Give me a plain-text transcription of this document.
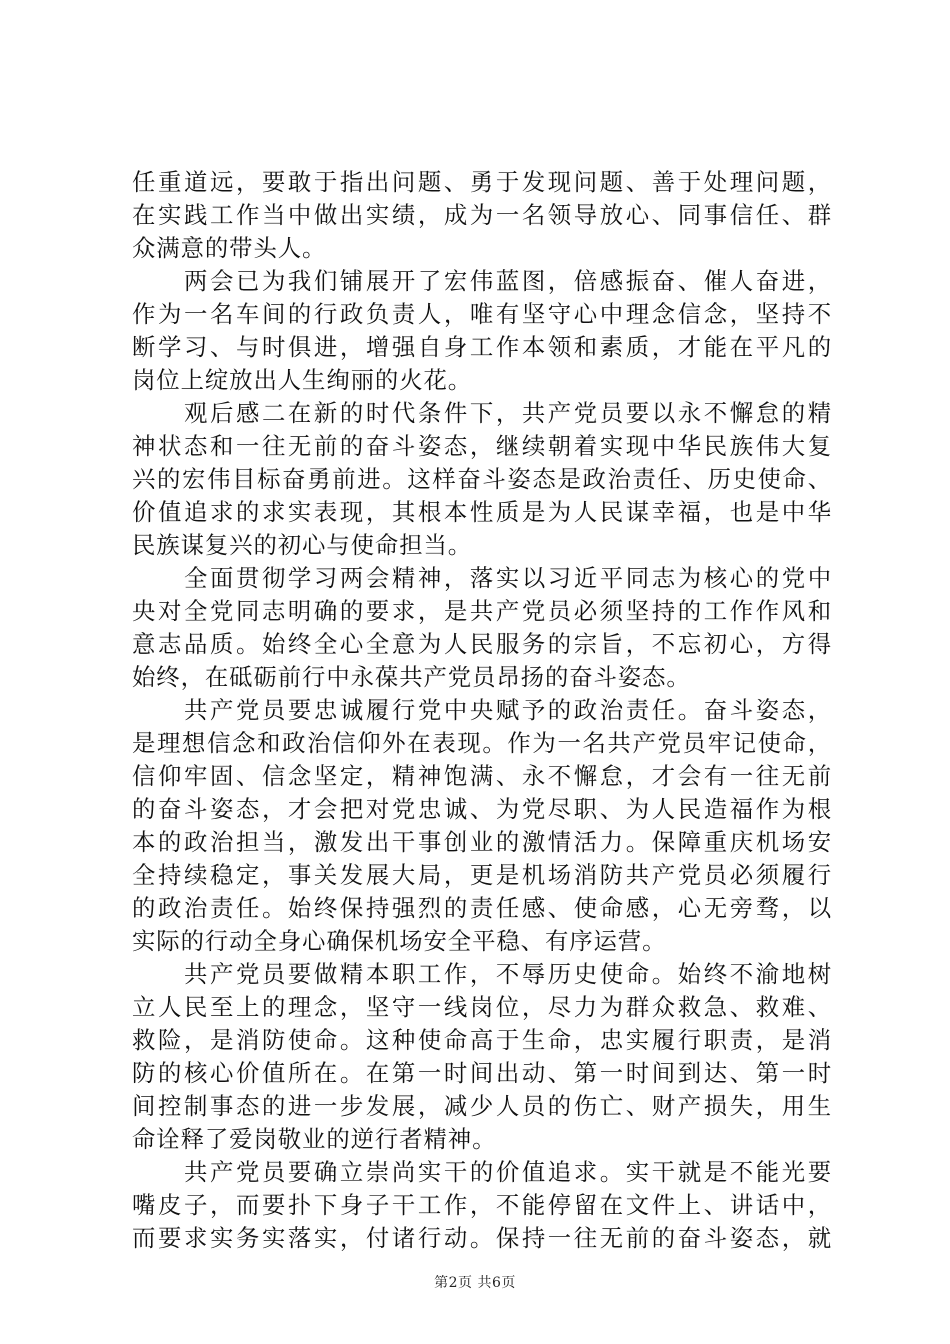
任重道远，要敢于指出问题、勇于发现问题、善于处理问题，
在实践工作当中做出实绩，成为一名领导放心、同事信任、群
众满意的带头人。
　　两会已为我们铺展开了宏伟蓝图，倍感振奋、催人奋进，
作为一名车间的行政负责人，唯有坚守心中理念信念，坚持不
断学习、与时俱进，增强自身工作本领和素质，才能在平凡的
岗位上绽放出人生绚丽的火花。
　　观后感二在新的时代条件下，共产党员要以永不懈怠的精
神状态和一往无前的奋斗姿态，继续朝着实现中华民族伟大复
兴的宏伟目标奋勇前进。这样奋斗姿态是政治责任、历史使命、
价值追求的求实表现，其根本性质是为人民谋幸福，也是中华
民族谋复兴的初心与使命担当。
　　全面贯彻学习两会精神，落实以习近平同志为核心的党中
央对全党同志明确的要求，是共产党员必须坚持的工作作风和
意志品质。始终全心全意为人民服务的宗旨，不忘初心，方得
始终，在砥砺前行中永葆共产党员昂扬的奋斗姿态。
　　共产党员要忠诚履行党中央赋予的政治责任。奋斗姿态，
是理想信念和政治信仰外在表现。作为一名共产党员牢记使命，
信仰牢固、信念坚定，精神饱满、永不懈怠，才会有一往无前
的奋斗姿态，才会把对党忠诚、为党尽职、为人民造福作为根
本的政治担当，激发出干事创业的激情活力。保障重庆机场安
全持续稳定，事关发展大局，更是机场消防共产党员必须履行
的政治责任。始终保持强烈的责任感、使命感，心无旁骛，以
实际的行动全身心确保机场安全平稳、有序运营。
　　共产党员要做精本职工作，不辱历史使命。始终不渝地树
立人民至上的理念，坚守一线岗位，尽力为群众救急、救难、
救险，是消防使命。这种使命高于生命，忠实履行职责，是消
防的核心价值所在。在第一时间出动、第一时间到达、第一时
间控制事态的进一步发展，减少人员的伤亡、财产损失，用生
命诠释了爱岗敬业的逆行者精神。
　　共产党员要确立崇尚实干的价值追求。实干就是不能光要
嘴皮子，而要扑下身子干工作，不能停留在文件上、讲话中，
而要求实务实落实，付诸行动。保持一往无前的奋斗姿态，就
第2页 共6页
